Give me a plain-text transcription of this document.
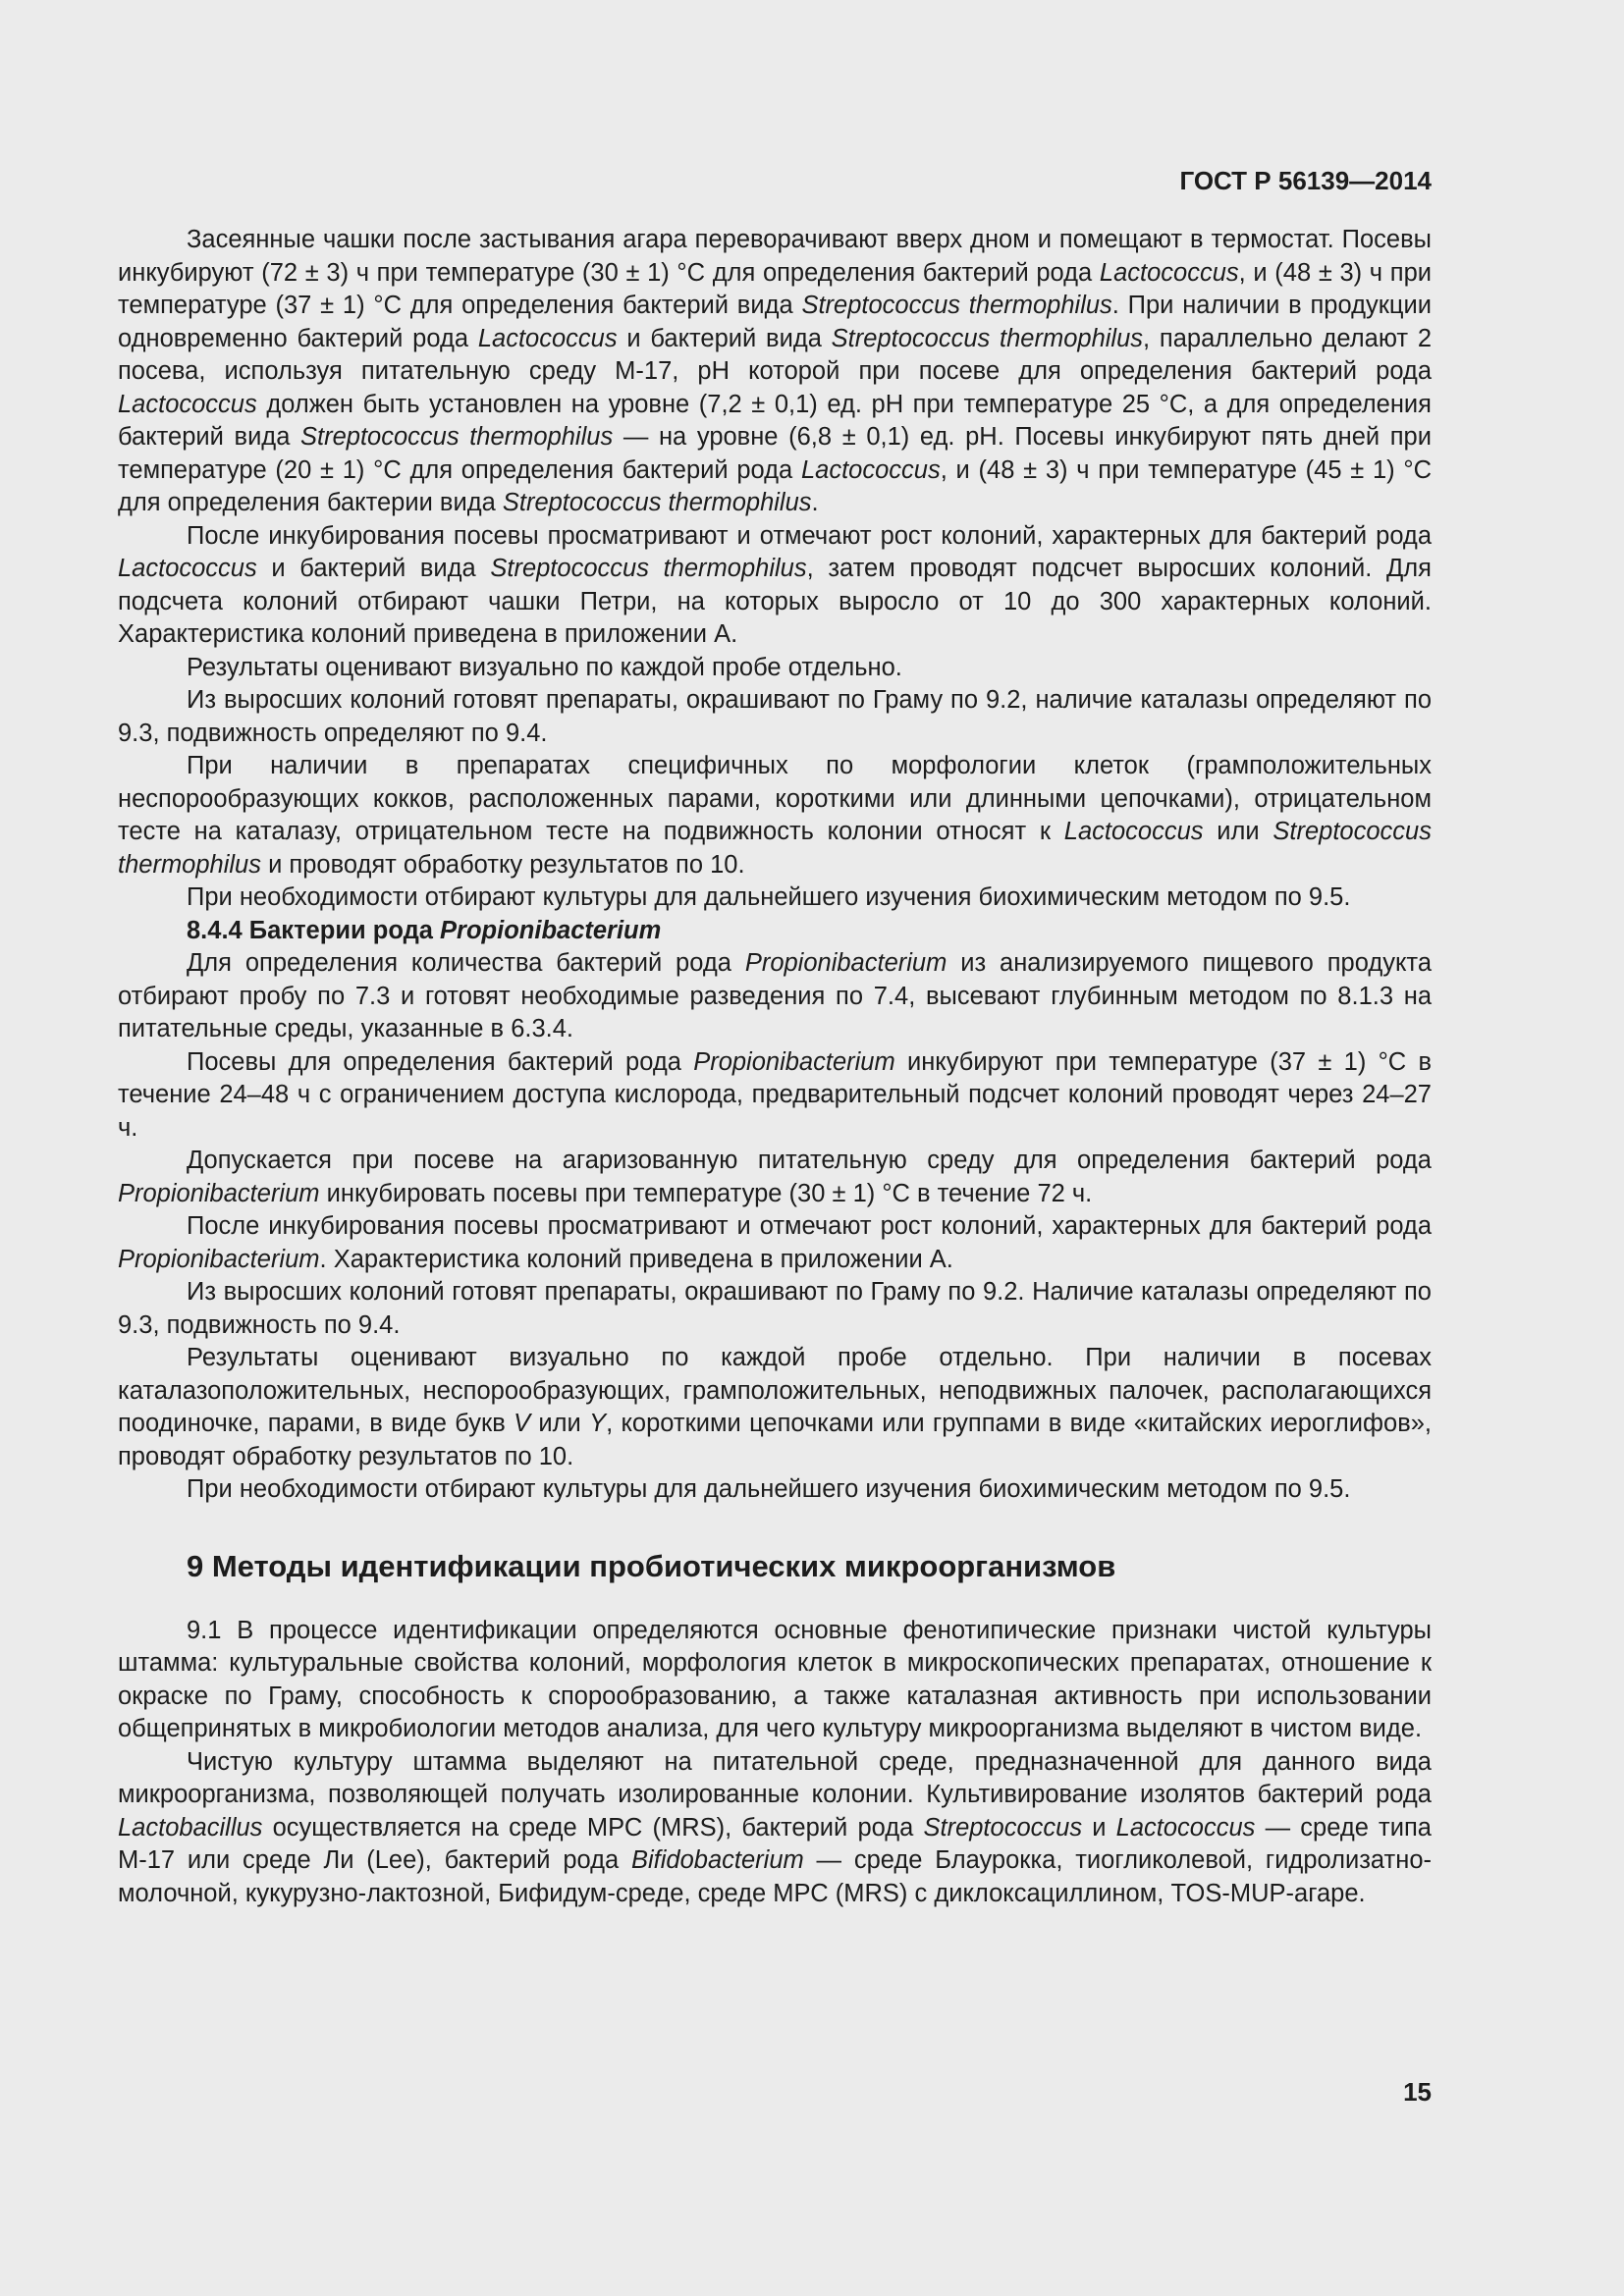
ГОСТ Р 56139—2014

Засеянные чашки после застывания агара переворачивают вверх дном и помещают в термостат. Посевы инкубируют (72 ± 3) ч при температуре (30 ± 1) °С для определения бактерий рода Lactococcus, и (48 ± 3) ч при температуре (37 ± 1) °С для определения бактерий вида Streptococcus thermophilus. При наличии в продукции одновременно бактерий рода Lactococcus и бактерий вида Streptococcus thermophilus, параллельно делают 2 посева, используя питательную среду М-17, рН которой при посеве для определения бактерий рода Lactococcus должен быть установлен на уровне (7,2 ± 0,1) ед. рН при температуре 25 °С, а для определения бактерий вида Streptococcus thermophilus — на уровне (6,8 ± 0,1) ед. рН. Посевы инкубируют пять дней при температуре (20 ± 1) °С для определения бактерий рода Lactococcus, и (48 ± 3) ч при температуре (45 ± 1) °С для определения бактерии вида Streptococcus thermophilus.

После инкубирования посевы просматривают и отмечают рост колоний, характерных для бактерий рода Lactococcus и бактерий вида Streptococcus thermophilus, затем проводят подсчет выросших колоний. Для подсчета колоний отбирают чашки Петри, на которых выросло от 10 до 300 характерных колоний. Характеристика колоний приведена в приложении А.

Результаты оценивают визуально по каждой пробе отдельно.

Из выросших колоний готовят препараты, окрашивают по Граму по 9.2, наличие каталазы определяют по 9.3, подвижность определяют по 9.4.

При наличии в препаратах специфичных по морфологии клеток (грамположительных неспорообразующих кокков, расположенных парами, короткими или длинными цепочками), отрицательном тесте на каталазу, отрицательном тесте на подвижность колонии относят к Lactococcus или Streptococcus thermophilus и проводят обработку результатов по 10.

При необходимости отбирают культуры для дальнейшего изучения биохимическим методом по 9.5.

8.4.4 Бактерии рода Propionibacterium

Для определения количества бактерий рода Propionibacterium из анализируемого пищевого продукта отбирают пробу по 7.3 и готовят необходимые разведения по 7.4, высевают глубинным методом по 8.1.3 на питательные среды, указанные в 6.3.4.

Посевы для определения бактерий рода Propionibacterium инкубируют при температуре (37 ± 1) °С в течение 24–48 ч с ограничением доступа кислорода, предварительный подсчет колоний проводят через 24–27 ч.

Допускается при посеве на агаризованную питательную среду для определения бактерий рода Propionibacterium инкубировать посевы при температуре (30 ± 1) °С в течение 72 ч.

После инкубирования посевы просматривают и отмечают рост колоний, характерных для бактерий рода Propionibacterium. Характеристика колоний приведена в приложении А.

Из выросших колоний готовят препараты, окрашивают по Граму по 9.2. Наличие каталазы определяют по 9.3, подвижность по 9.4.

Результаты оценивают визуально по каждой пробе отдельно. При наличии в посевах каталазоположительных, неспорообразующих, грамположительных, неподвижных палочек, располагающихся поодиночке, парами, в виде букв V или Y, короткими цепочками или группами в виде «китайских иероглифов», проводят обработку результатов по 10.

При необходимости отбирают культуры для дальнейшего изучения биохимическим методом по 9.5.

9 Методы идентификации пробиотических микроорганизмов

9.1 В процессе идентификации определяются основные фенотипические признаки чистой культуры штамма: культуральные свойства колоний, морфология клеток в микроскопических препаратах, отношение к окраске по Граму, способность к спорообразованию, а также каталазная активность при использовании общепринятых в микробиологии методов анализа, для чего культуру микроорганизма выделяют в чистом виде.

Чистую культуру штамма выделяют на питательной среде, предназначенной для данного вида микроорганизма, позволяющей получать изолированные колонии. Культивирование изолятов бактерий рода Lactobacillus осуществляется на среде МРС (MRS), бактерий рода Streptococcus и Lactococcus — среде типа М-17 или среде Ли (Lee), бактерий рода Bifidobacterium — среде Блаурокка, тиогликолевой, гидролизатно-молочной, кукурузно-лактозной, Бифидум-среде, среде МРС (MRS) с диклоксациллином, TOS-MUP-агаре.

15
